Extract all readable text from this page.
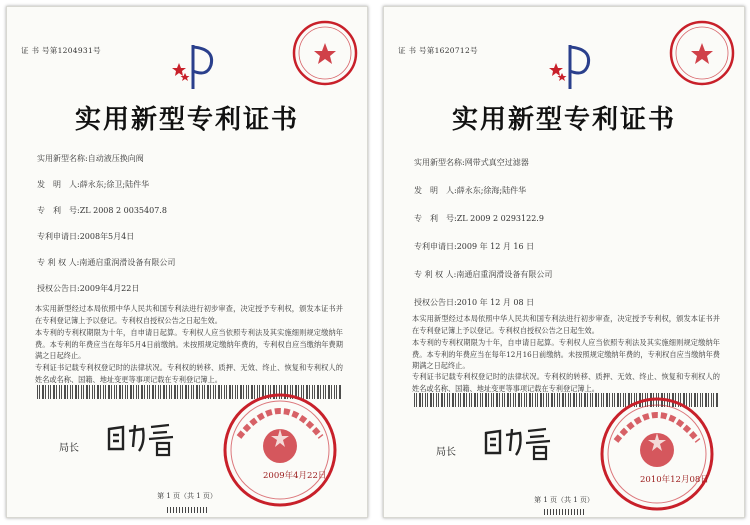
证 书 号第1204931号
实用新型专利证书
实用新型名称:自动液压换向阀
发　明　人:薛永东;徐卫;陆件华
专　利　号:ZL 2008 2 0035407.8
专利申请日:2008年5月4日
专 利 权 人:南通启重润滑设备有限公司
授权公告日:2009年4月22日
本实用新型经过本局依照中华人民共和国专利法进行初步审查，决定授予专利权，颁发本证书并在专利登记簿上予以登记。专利权自授权公告之日起生效。
本专利的专利权期限为十年，自申请日起算。专利权人应当依照专利法及其实施细则规定缴纳年费。本专利的年费应当在每年5月4日前缴纳。未按照规定缴纳年费的，专利权自应当缴纳年费期满之日起终止。
专利证书记载专利权登记时的法律状况。专利权的转移、质押、无效、终止、恢复和专利权人的姓名或名称、国籍、地址变更等事项记载在专利登记簿上。
局长
2009年4月22日
第 1 页（共 1 页）
证 书 号第1620712号
实用新型专利证书
实用新型名称:网带式真空过滤器
发　明　人:薛永东;徐海;陆件华
专　利　号:ZL 2009 2 0293122.9
专利申请日:2009 年 12 月 16 日
专 利 权 人:南通启重润滑设备有限公司
授权公告日:2010 年 12 月 08 日
本实用新型经过本局依照中华人民共和国专利法进行初步审查，决定授予专利权，颁发本证书并在专利登记簿上予以登记。专利权自授权公告之日起生效。
本专利的专利权期限为十年，自申请日起算。专利权人应当依照专利法及其实施细则规定缴纳年费。本专利的年费应当在每年12月16日前缴纳。未按照规定缴纳年费的，专利权自应当缴纳年费期满之日起终止。
专利证书记载专利权登记时的法律状况。专利权的转移、质押、无效、终止、恢复和专利权人的姓名或名称、国籍、地址变更等事项记载在专利登记簿上。
局长
2010年12月08日
第 1 页（共 1 页）
